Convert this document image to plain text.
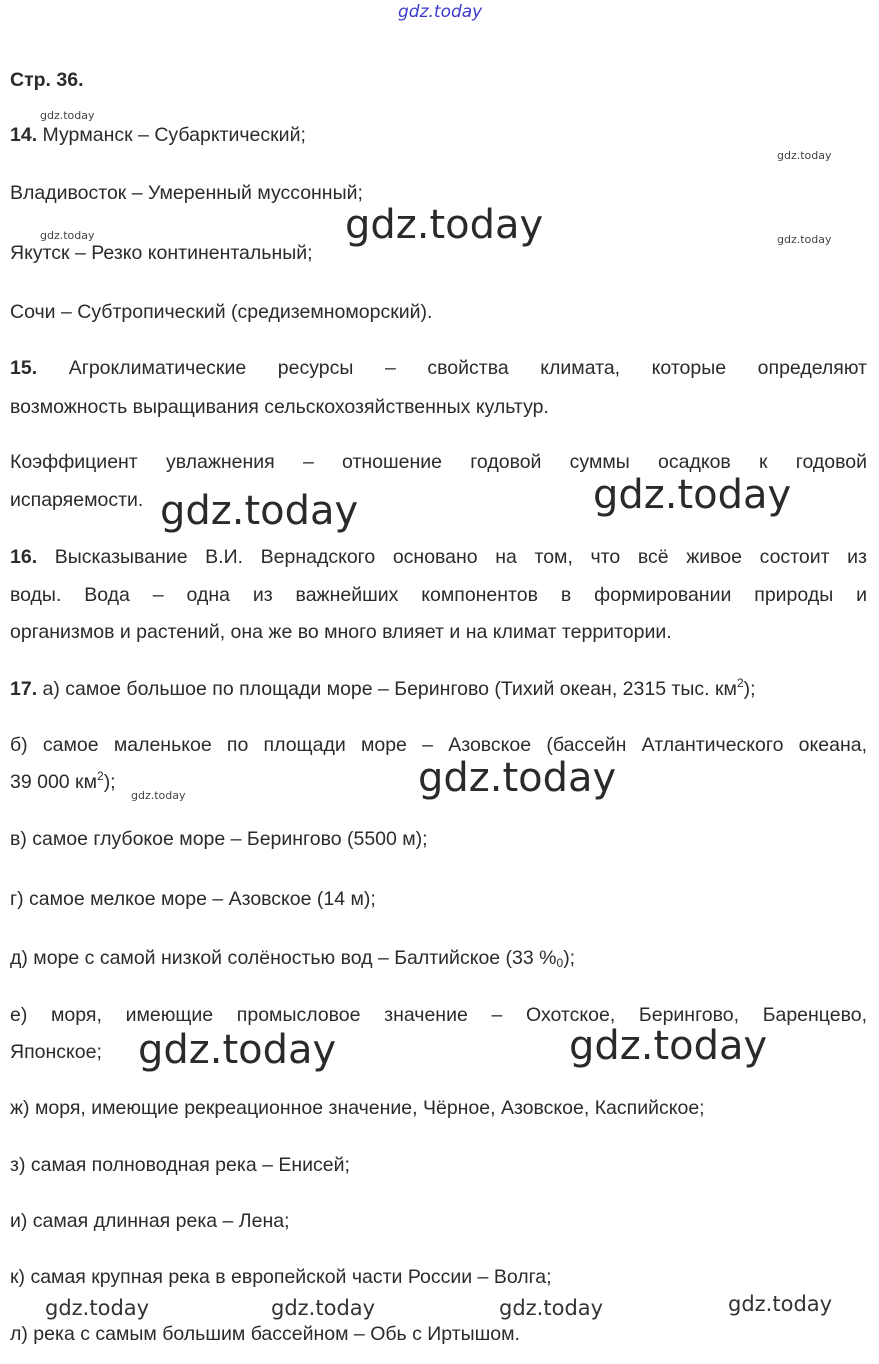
gdz.today
gdz.today
gdz.today
gdz.today	gdz.today
gdz.today
Стр. 36.
14. Мурманск – Субарктический;
Владивосток – Умеренный муссонный;
Якутск – Резко континентальный;
Сочи – Субтропический (средиземноморский).
15. Агроклиматические ресурсы – свойства климата, которые определяют
возможность выращивания сельскохозяйственных культур.
Коэффициент увлажнения – отношение годовой суммы осадков к годовой
испаряемости.
16. Высказывание В.И. Вернадского основано на том, что всё живое состоит из
воды. Вода – одна из важнейших компонентов в формировании природы и
организмов и растений, она же во много влияет и на климат территории.
17. а) самое большое по площади море – Берингово (Тихий океан, 2315 тыс. $км^2$);
б) самое маленькое по площади море – Азовское (бассейн Атлантического океана,
39 000 $км^2$);
в) самое глубокое море – Берингово (5500 м);
г) самое мелкое море – Азовское (14 м);
д) море с самой низкой солёностью вод – Балтийское (33 $\%_0$);
е) моря, имеющие промысловое значение – Охотское, Берингово, Баренцево,
Японское;
ж) моря, имеющие рекреационное значение, Чёрное, Азовское, Каспийское;
з) самая полноводная река – Енисей;
и) самая длинная река – Лена;
к) самая крупная река в европейской части России – Волга;
л) река с самым большим бассейном – Обь с Иртышом.
gdz.today
gdz.today	gdz.today
gdz.today
gdz.today	gdz.today
gdz.today	gdz.today	gdz.today	gdz.today
